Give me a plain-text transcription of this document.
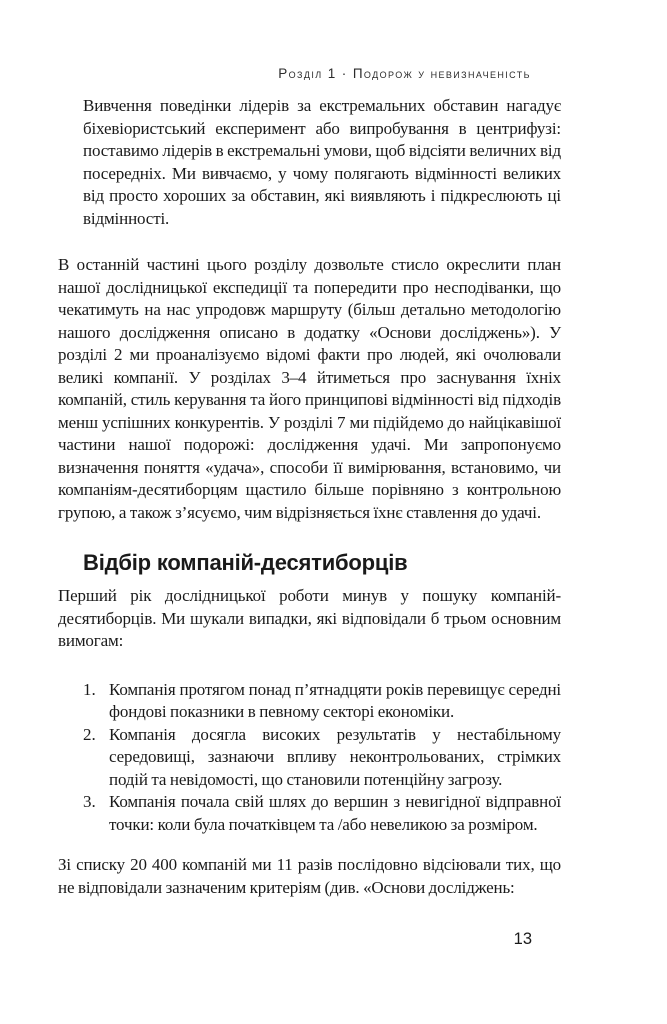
Розділ 1 · Подорож у невизначеність
Вивчення поведінки лідерів за екстремальних обставин нагадує біхевіористський експеримент або випробування в центрифузі: поставимо лідерів в екстремальні умови, щоб відсіяти величних від посередніх. Ми вивчаємо, у чому полягають відмінності великих від просто хороших за обставин, які виявляють і підкреслюють ці відмінності.

В останній частині цього розділу дозвольте стисло окреслити план нашої дослідницької експедиції та попередити про несподіванки, що чекатимуть на нас упродовж маршруту (більш детально методологію нашого дослідження описано в додатку «Основи досліджень»). У розділі 2 ми проаналізуємо відомі факти про людей, які очолювали великі компанії. У розділах 3–4 йтиметься про заснування їхніх компаній, стиль керування та його принципові відмінності від підходів менш успішних конкурентів. У розділі 7 ми підійдемо до найцікавішої частини нашої подорожі: дослідження удачі. Ми запропонуємо визначення поняття «удача», способи її вимірювання, встановимо, чи компаніям-десятиборцям щастило більше порівняно з контрольною групою, а також з’ясуємо, чим відрізняється їхнє ставлення до удачі.

Відбір компаній-десятиборців

Перший рік дослідницької роботи минув у пошуку компаній-десятиборців. Ми шукали випадки, які відповідали б трьом основним вимогам:

1. Компанія протягом понад п’ятнадцяти років перевищує середні фондові показники в певному секторі економіки.
2. Компанія досягла високих результатів у нестабільному середовищі, зазнаючи впливу неконтрольованих, стрімких подій та невідомості, що становили потенційну загрозу.
3. Компанія почала свій шлях до вершин з невигідної відправної точки: коли була початківцем та /або невеликою за розміром.

Зі списку 20 400 компаній ми 11 разів послідовно відсіювали тих, що не відповідали зазначеним критеріям (див. «Основи досліджень:

13
